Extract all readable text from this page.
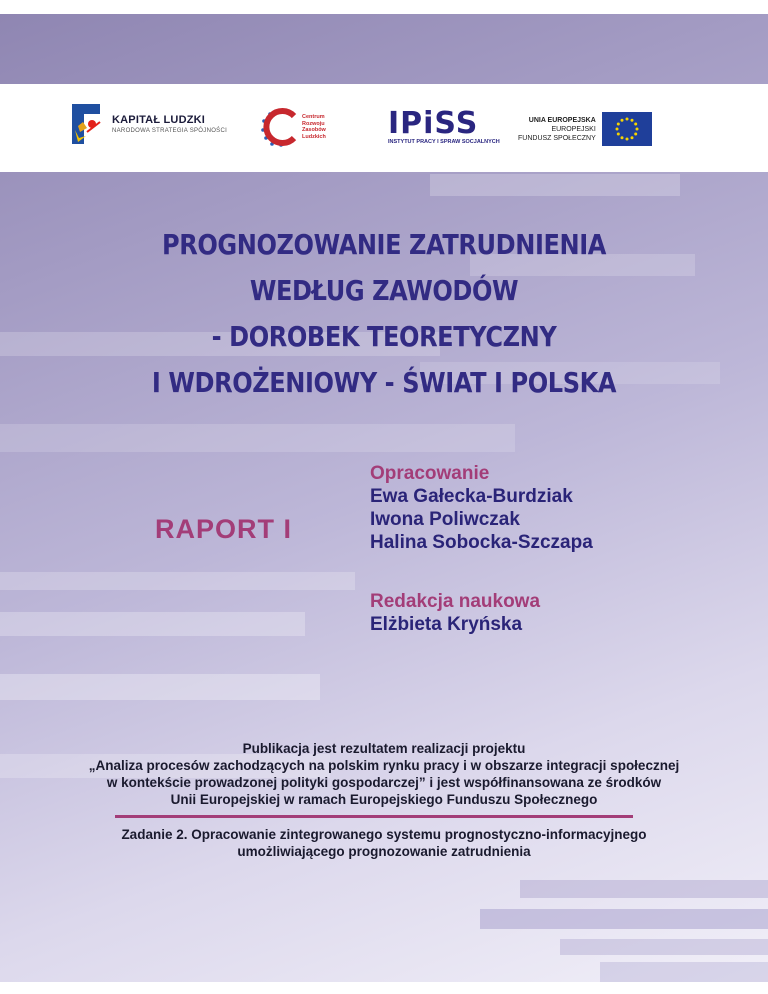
KAPITAŁ LUDZKI
NARODOWA STRATEGIA SPÓJNOŚCI
Centrum
Rozwoju
Zasobów
Ludzkich IPiSS
INSTYTUT PRACY I SPRAW SOCJALNYCH
UNIA EUROPEJSKA
EUROPEJSKI
FUNDUSZ SPOŁECZNY
PROGNOZOWANIE ZATRUDNIENIA
WEDŁUG ZAWODÓW
- DOROBEK TEORETYCZNY
I WDROŻENIOWY - ŚWIAT I POLSKA
RAPORT I
Opracowanie
Ewa Gałecka-Burdziak
Iwona Poliwczak
Halina Sobocka-Szczapa
Redakcja naukowa
Elżbieta Kryńska
Publikacja jest rezultatem realizacji projektu
„Analiza procesów zachodzących na polskim rynku pracy i w obszarze integracji społecznej
w kontekście prowadzonej polityki gospodarczej” i jest współfinansowana ze środków
Unii Europejskiej w ramach Europejskiego Funduszu Społecznego
Zadanie 2. Opracowanie zintegrowanego systemu prognostyczno-informacyjnego
umożliwiającego prognozowanie zatrudnienia
